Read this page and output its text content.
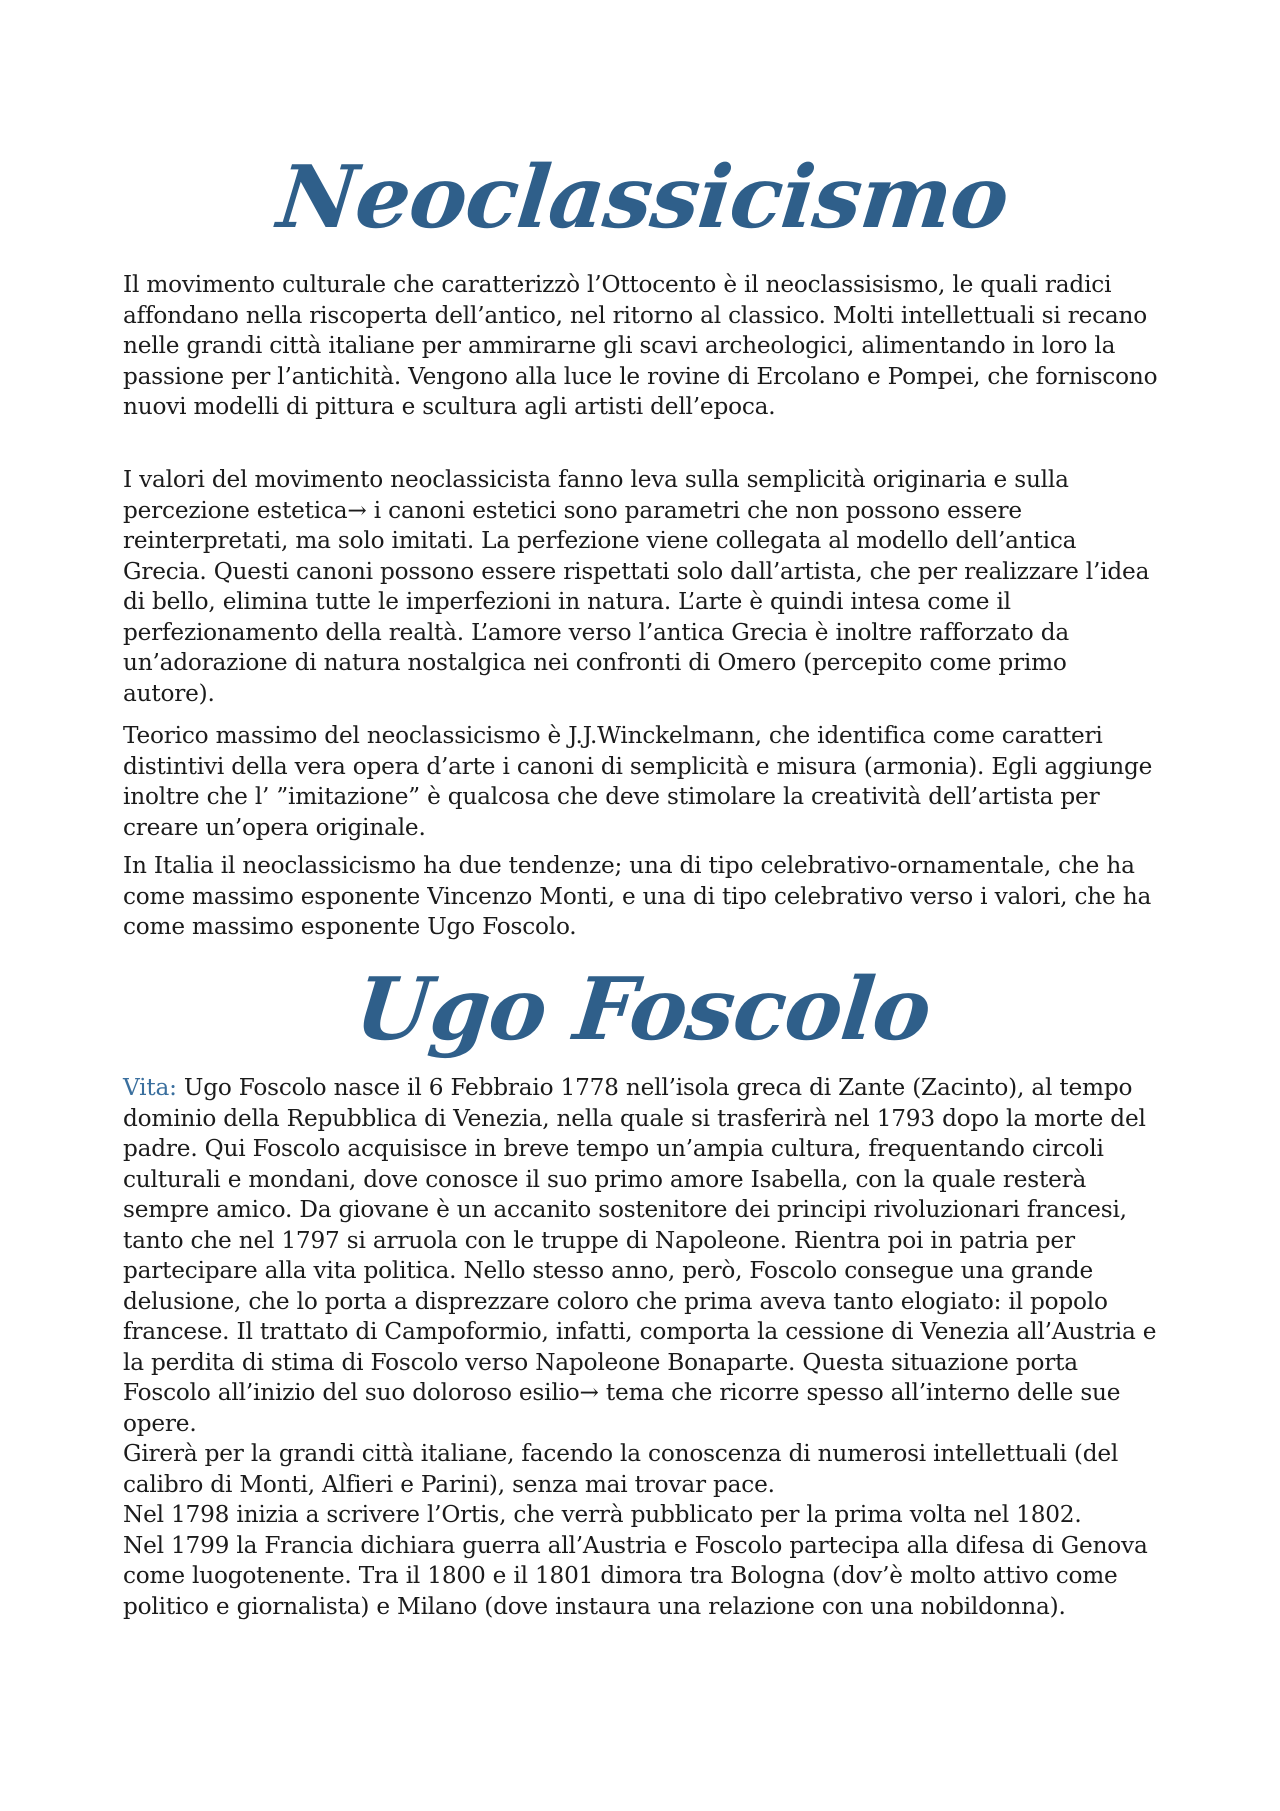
Neoclassicismo

Il movimento culturale che caratterizzò l’Ottocento è il neoclassisismo, le quali radici affondano nella riscoperta dell’antico, nel ritorno al classico. Molti intellettuali si recano nelle grandi città italiane per ammirarne gli scavi archeologici, alimentando in loro la passione per l’antichità. Vengono alla luce le rovine di Ercolano e Pompei, che forniscono nuovi modelli di pittura e scultura agli artisti dell’epoca.

I valori del movimento neoclassicista fanno leva sulla semplicità originaria e sulla percezione estetica→ i canoni estetici sono parametri che non possono essere reinterpretati, ma solo imitati. La perfezione viene collegata al modello dell’antica Grecia. Questi canoni possono essere rispettati solo dall’artista, che per realizzare l’idea di bello, elimina tutte le imperfezioni in natura. L’arte è quindi intesa come il perfezionamento della realtà. L’amore verso l’antica Grecia è inoltre rafforzato da un’adorazione di natura nostalgica nei confronti di Omero (percepito come primo autore).

Teorico massimo del neoclassicismo è J.J.Winckelmann, che identifica come caratteri distintivi della vera opera d’arte i canoni di semplicità e misura (armonia). Egli aggiunge inoltre che l’ ”imitazione” è qualcosa che deve stimolare la creatività dell’artista per creare un’opera originale.

In Italia il neoclassicismo ha due tendenze; una di tipo celebrativo-ornamentale, che ha come massimo esponente Vincenzo Monti, e una di tipo celebrativo verso i valori, che ha come massimo esponente Ugo Foscolo.

Ugo Foscolo

Vita: Ugo Foscolo nasce il 6 Febbraio 1778 nell’isola greca di Zante (Zacinto), al tempo dominio della Repubblica di Venezia, nella quale si trasferirà nel 1793 dopo la morte del padre. Qui Foscolo acquisisce in breve tempo un’ampia cultura, frequentando circoli culturali e mondani, dove conosce il suo primo amore Isabella, con la quale resterà sempre amico. Da giovane è un accanito sostenitore dei principi rivoluzionari francesi, tanto che nel 1797 si arruola con le truppe di Napoleone. Rientra poi in patria per partecipare alla vita politica. Nello stesso anno, però, Foscolo consegue una grande delusione, che lo porta a disprezzare coloro che prima aveva tanto elogiato: il popolo francese. Il trattato di Campoformio, infatti, comporta la cessione di Venezia all’Austria e la perdita di stima di Foscolo verso Napoleone Bonaparte. Questa situazione porta Foscolo all’inizio del suo doloroso esilio→ tema che ricorre spesso all’interno delle sue opere.

Girerà per la grandi città italiane, facendo la conoscenza di numerosi intellettuali (del calibro di Monti, Alfieri e Parini), senza mai trovar pace.

Nel 1798 inizia a scrivere l’Ortis, che verrà pubblicato per la prima volta nel 1802.

Nel 1799 la Francia dichiara guerra all’Austria e Foscolo partecipa alla difesa di Genova come luogotenente. Tra il 1800 e il 1801 dimora tra Bologna (dov’è molto attivo come politico e giornalista) e Milano (dove instaura una relazione con una nobildonna).
